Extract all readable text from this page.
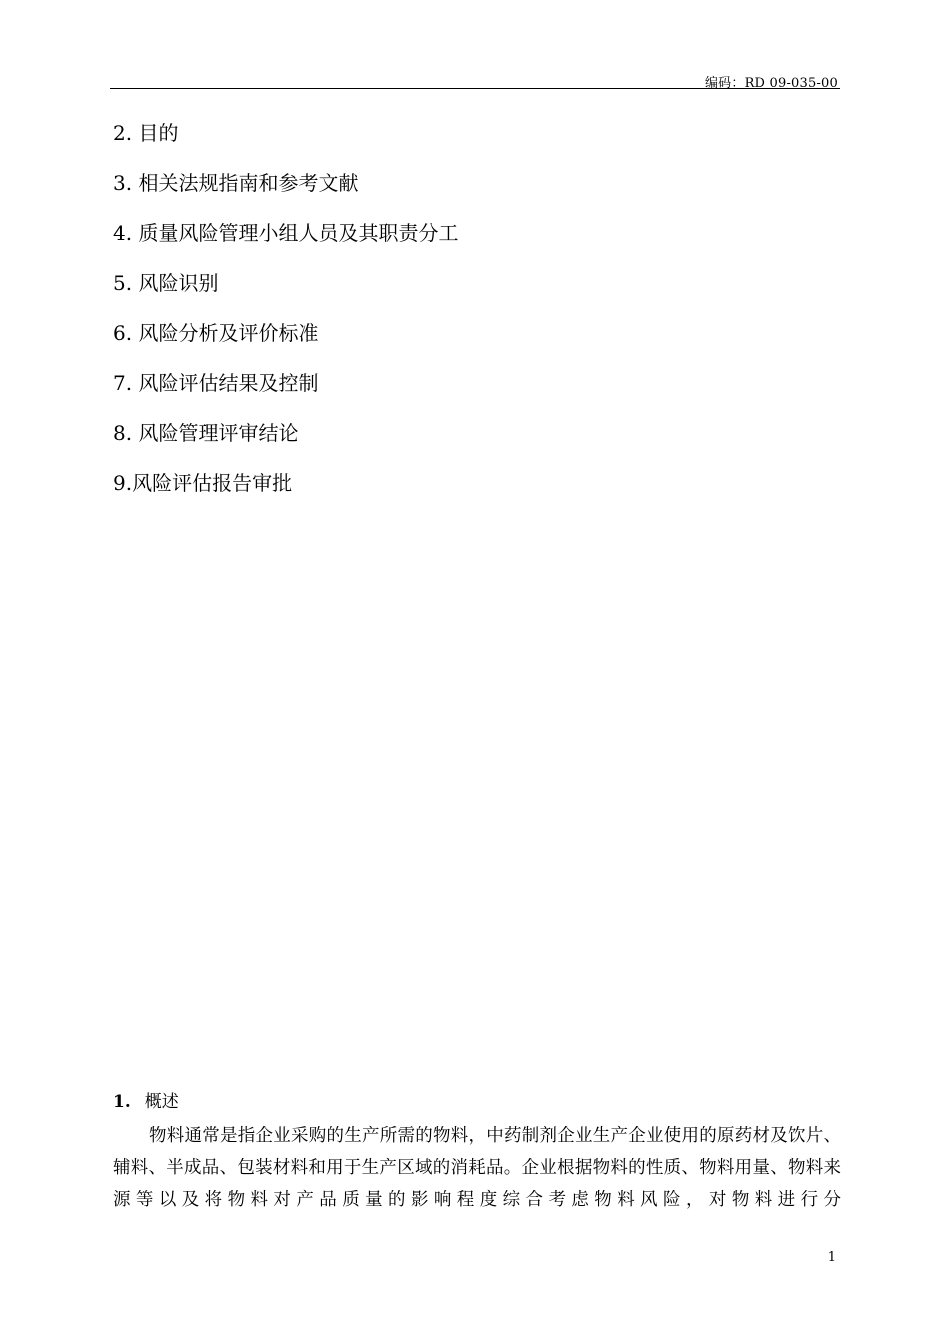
编码：RD 09-035-00
2. 目的
3. 相关法规指南和参考文献
4. 质量风险管理小组人员及其职责分工
5. 风险识别
6. 风险分析及评价标准
7. 风险评估结果及控制
8. 风险管理评审结论
9.风险评估报告审批
1. 概述
物料通常是指企业采购的生产所需的物料，中药制剂企业生产企业使用的原药材及饮片、辅料、半成品、包装材料和用于生产区域的消耗品。企业根据物料的性质、物料用量、物料来源等以及将物料对产品质量的影响程度综合考虑物料风险，对物料进行分
1
